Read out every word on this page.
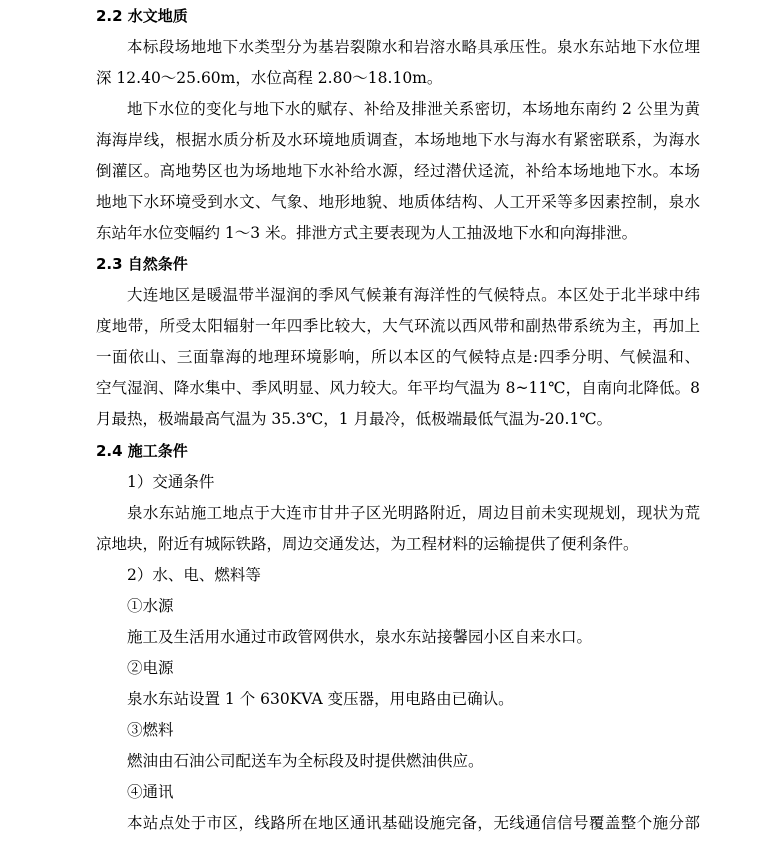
2.2 水文地质
本标段场地地下水类型分为基岩裂隙水和岩溶水略具承压性。泉水东站地下水位埋
深 12.40～25.60m，水位高程 2.80～18.10m。
地下水位的变化与地下水的赋存、补给及排泄关系密切，本场地东南约 2 公里为黄
海海岸线，根据水质分析及水环境地质调查，本场地地下水与海水有紧密联系，为海水
倒灌区。高地势区也为场地地下水补给水源，经过潜伏迳流，补给本场地地下水。本场
地地下水环境受到水文、气象、地形地貌、地质体结构、人工开采等多因素控制，泉水
东站年水位变幅约 1～3 米。排泄方式主要表现为人工抽汲地下水和向海排泄。
2.3 自然条件
大连地区是暖温带半湿润的季风气候兼有海洋性的气候特点。本区处于北半球中纬
度地带，所受太阳辐射一年四季比较大，大气环流以西风带和副热带系统为主，再加上
一面依山、三面靠海的地理环境影响，所以本区的气候特点是:四季分明、气候温和、
空气湿润、降水集中、季风明显、风力较大。年平均气温为 8~11℃，自南向北降低。8
月最热，极端最高气温为 35.3℃，1 月最冷，低极端最低气温为-20.1℃。
2.4 施工条件
1）交通条件
泉水东站施工地点于大连市甘井子区光明路附近，周边目前未实现规划，现状为荒
凉地块，附近有城际铁路，周边交通发达，为工程材料的运输提供了便利条件。
2）水、电、燃料等
①水源
施工及生活用水通过市政管网供水，泉水东站接馨园小区自来水口。
泉水东站设置 1 个 630KVA 变压器，用电路由已确认。
②电源
③燃料
燃油由石油公司配送车为全标段及时提供燃油供应。
④通讯
本站点处于市区，线路所在地区通讯基础设施完备，无线通信信号覆盖整个施分部
